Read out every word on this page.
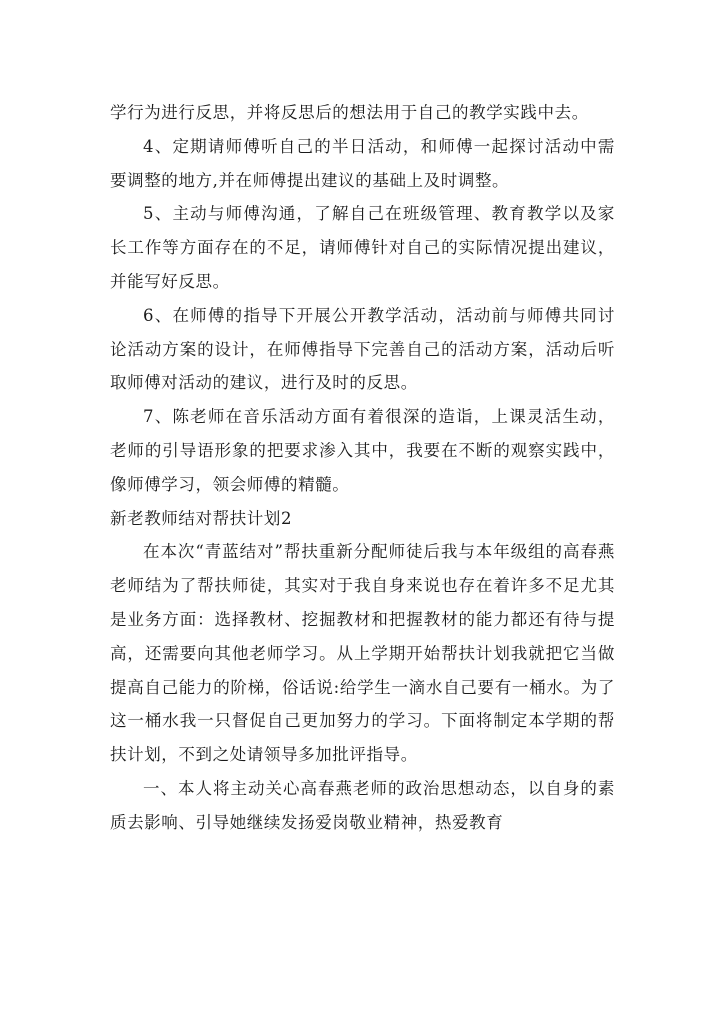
学行为进行反思，并将反思后的想法用于自己的教学实践中去。

4、定期请师傅听自己的半日活动，和师傅一起探讨活动中需要调整的地方,并在师傅提出建议的基础上及时调整。

5、主动与师傅沟通，了解自己在班级管理、教育教学以及家长工作等方面存在的不足，请师傅针对自己的实际情况提出建议，并能写好反思。

6、在师傅的指导下开展公开教学活动，活动前与师傅共同讨论活动方案的设计，在师傅指导下完善自己的活动方案，活动后听取师傅对活动的建议，进行及时的反思。

7、陈老师在音乐活动方面有着很深的造诣，上课灵活生动，老师的引导语形象的把要求渗入其中，我要在不断的观察实践中，像师傅学习，领会师傅的精髓。

新老教师结对帮扶计划2

在本次“青蓝结对”帮扶重新分配师徒后我与本年级组的高春燕老师结为了帮扶师徒，其实对于我自身来说也存在着许多不足尤其是业务方面：选择教材、挖掘教材和把握教材的能力都还有待与提高，还需要向其他老师学习。从上学期开始帮扶计划我就把它当做提高自己能力的阶梯，俗话说:给学生一滴水自己要有一桶水。为了这一桶水我一只督促自己更加努力的学习。下面将制定本学期的帮扶计划，不到之处请领导多加批评指导。

一、本人将主动关心高春燕老师的政治思想动态，以自身的素质去影响、引导她继续发扬爱岗敬业精神，热爱教育
